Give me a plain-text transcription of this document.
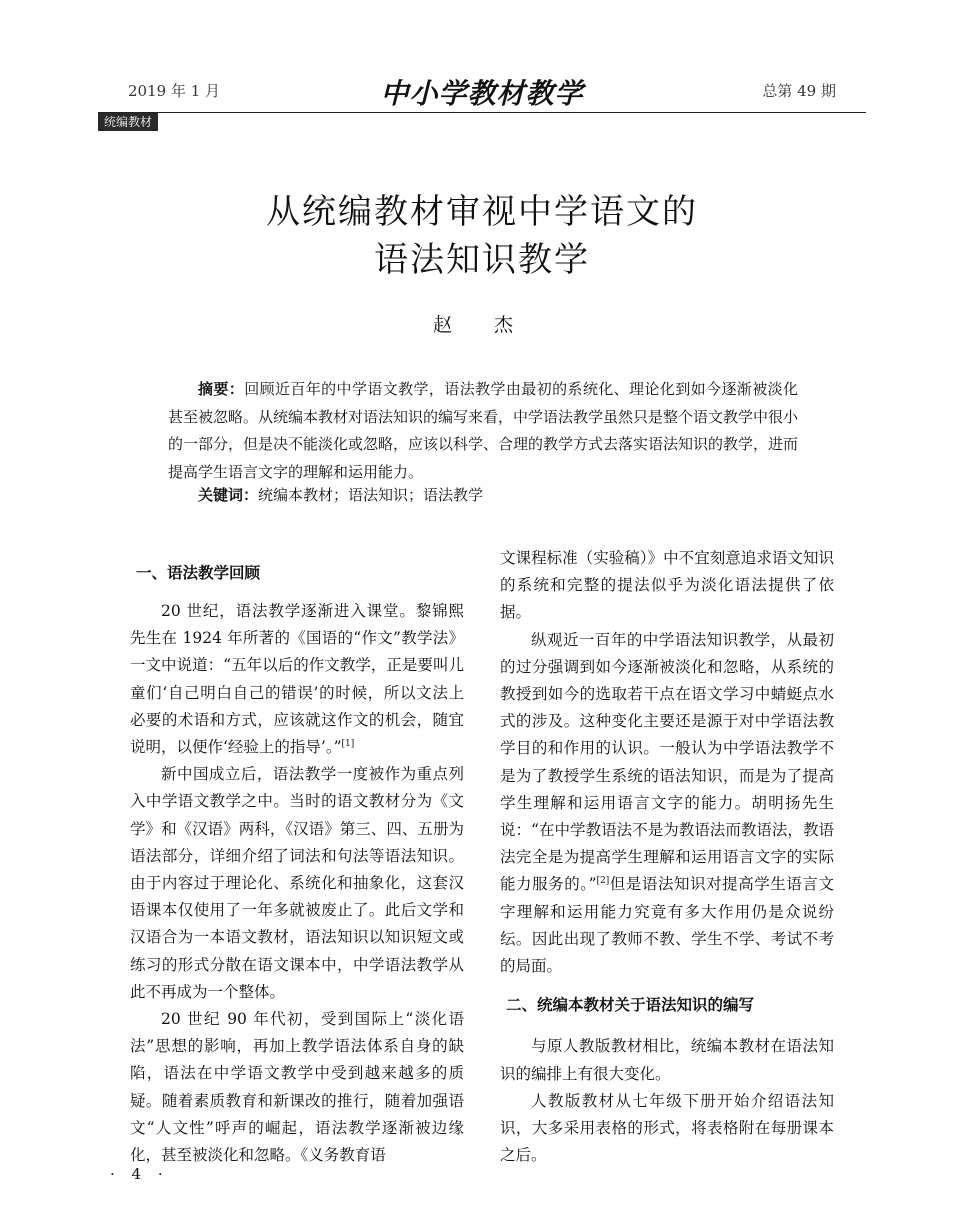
2019 年 1 月	中小学教材教学	总第 49 期
统编教材
从统编教材审视中学语文的
语法知识教学
赵 杰

摘要：回顾近百年的中学语文教学，语法教学由最初的系统化、理论化到如今逐渐被淡化甚至被忽略。从统编本教材对语法知识的编写来看，中学语法教学虽然只是整个语文教学中很小的一部分，但是决不能淡化或忽略，应该以科学、合理的教学方式去落实语法知识的教学，进而提高学生语言文字的理解和运用能力。

关键词：统编本教材；语法知识；语法教学
一、语法教学回顾

20 世纪，语法教学逐渐进入课堂。黎锦熙先生在 1924 年所著的《国语的“作文”教学法》一文中说道：“五年以后的作文教学，正是要叫儿童们‘自己明白自己的错误’的时候，所以文法上必要的术语和方式，应该就这作文的机会，随宜说明，以便作‘经验上的指导’。”[1]

新中国成立后，语法教学一度被作为重点列入中学语文教学之中。当时的语文教材分为《文学》和《汉语》两科，《汉语》第三、四、五册为语法部分，详细介绍了词法和句法等语法知识。由于内容过于理论化、系统化和抽象化，这套汉语课本仅使用了一年多就被废止了。此后文学和汉语合为一本语文教材，语法知识以知识短文或练习的形式分散在语文课本中，中学语法教学从此不再成为一个整体。

20 世纪 90 年代初，受到国际上“淡化语法”思想的影响，再加上教学语法体系自身的缺陷，语法在中学语文教学中受到越来越多的质疑。随着素质教育和新课改的推行，随着加强语文“人文性”呼声的崛起，语法教学逐渐被边缘化，甚至被淡化和忽略。《义务教育语

文课程标准（实验稿）》中不宜刻意追求语文知识的系统和完整的提法似乎为淡化语法提供了依据。

纵观近一百年的中学语法知识教学，从最初的过分强调到如今逐渐被淡化和忽略，从系统的教授到如今的选取若干点在语文学习中蜻蜓点水式的涉及。这种变化主要还是源于对中学语法教学目的和作用的认识。一般认为中学语法教学不是为了教授学生系统的语法知识，而是为了提高学生理解和运用语言文字的能力。胡明扬先生说：“在中学教语法不是为教语法而教语法，教语法完全是为提高学生理解和运用语言文字的实际能力服务的。”[2]但是语法知识对提高学生语言文字理解和运用能力究竟有多大作用仍是众说纷纭。因此出现了教师不教、学生不学、考试不考的局面。

二、统编本教材关于语法知识的编写

与原人教版教材相比，统编本教材在语法知识的编排上有很大变化。

人教版教材从七年级下册开始介绍语法知识，大多采用表格的形式，将表格附在每册课本之后。

· 4 ·
